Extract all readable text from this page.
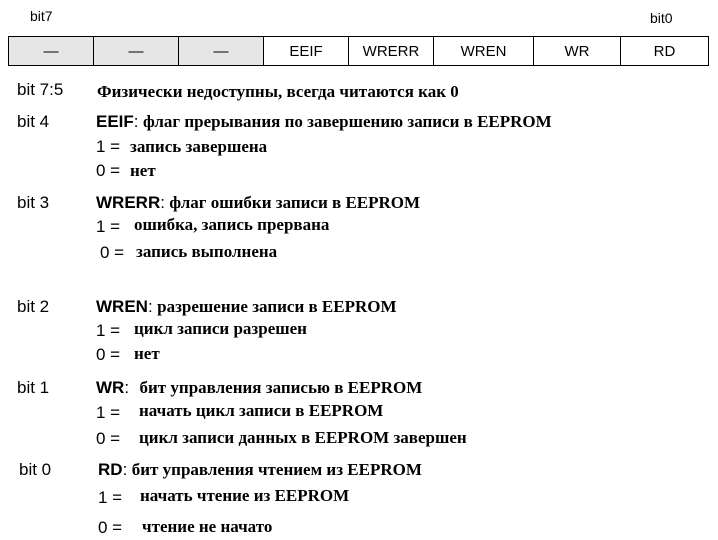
bit7	bit0
—	—	—	EEIF	WRERR	WREN	WR	RD
bit 7:5 Физически недоступны, всегда читаются как 0
bit 4	EEIF: флаг прерывания по завершению записи в EEPROM
1 = запись завершена
0 = нет
bit 3	WRERR: флаг ошибки записи в EEPROM
1 = ошибка, запись прервана
0 = запись выполнена
bit 2	WREN: разрешение записи в EEPROM
1 = цикл записи разрешен
0 = нет
bit 1	WR: бит управления записью в EEPROM
1 = начать цикл записи в EEPROM
0 = цикл записи данных в EEPROM завершен
bit 0	RD: бит управления чтением из EEPROM
1 = начать чтение из EEPROM
0 = чтение не начато
